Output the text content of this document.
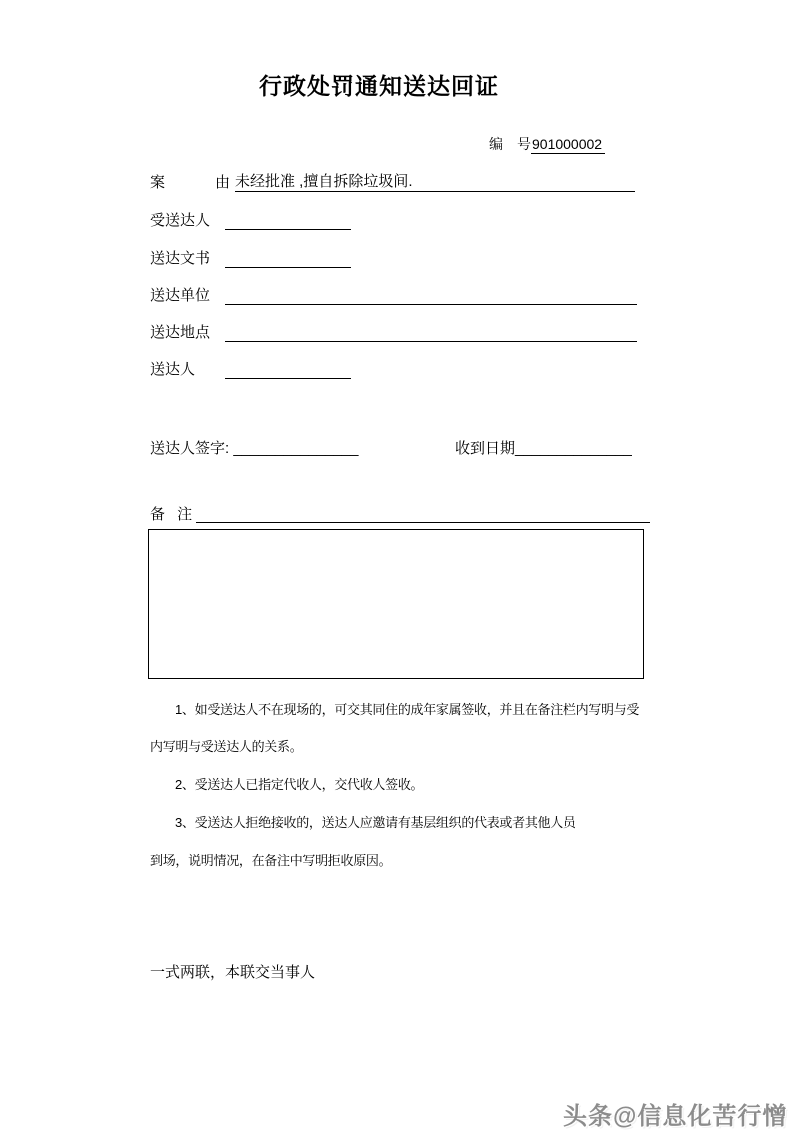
行政处罚通知送达回证
编　号 901000002
案	由 未经批准 ,擅自拆除垃圾间.
受送达人
送达文书
送达单位
送达地点
送达人
送达人签字: _______________	收到日期______________
备 注
1、如受送达人不在现场的，可交其同住的成年家属签收，并且在备注栏内写明与受
内写明与受送达人的关系。
2、受送达人已指定代收人，交代收人签收。
3、受送达人拒绝接收的，送达人应邀请有基层组织的代表或者其他人员
到场，说明情况，在备注中写明拒收原因。
一式两联，本联交当事人
头条@信息化苦行憎
